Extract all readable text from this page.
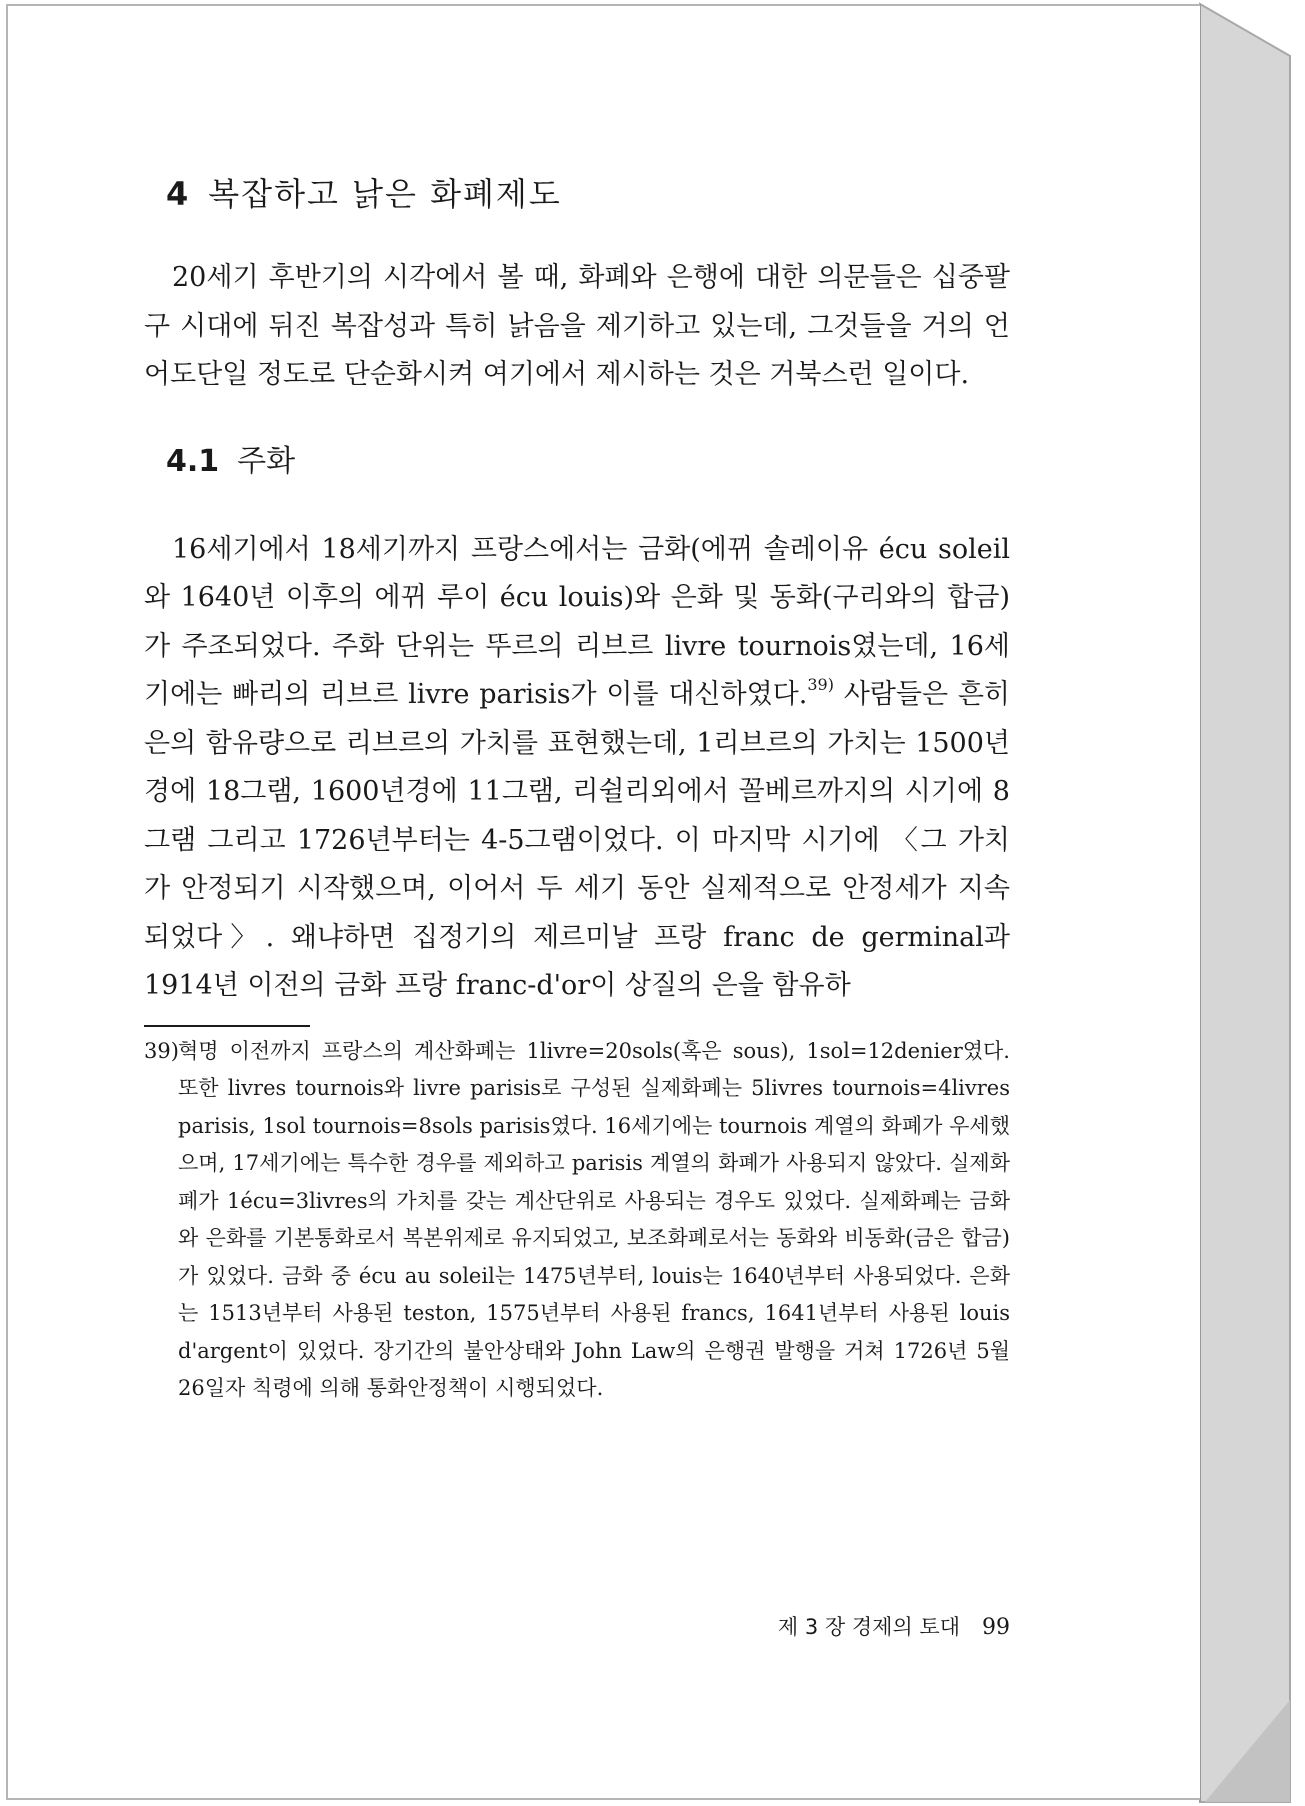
4 복잡하고 낡은 화폐제도

20세기 후반기의 시각에서 볼 때, 화폐와 은행에 대한 의문들은 십중팔구 시대에 뒤진 복잡성과 특히 낡음을 제기하고 있는데, 그것들을 거의 언어도단일 정도로 단순화시켜 여기에서 제시하는 것은 거북스런 일이다.

4.1 주화

16세기에서 18세기까지 프랑스에서는 금화(에뀌 솔레이유 écu soleil와 1640년 이후의 에뀌 루이 écu louis)와 은화 및 동화(구리와의 합금)가 주조되었다. 주화 단위는 뚜르의 리브르 livre tournois였는데, 16세기에는 빠리의 리브르 livre parisis가 이를 대신하였다.$^{39)}$ 사람들은 흔히 은의 함유량으로 리브르의 가치를 표현했는데, 1리브르의 가치는 1500년경에 18그램, 1600년경에 11그램, 리쉴리외에서 꼴베르까지의 시기에 8그램 그리고 1726년부터는 4-5그램이었다. 이 마지막 시기에 〈그 가치가 안정되기 시작했으며, 이어서 두 세기 동안 실제적으로 안정세가 지속되었다〉. 왜냐하면 집정기의 제르미날 프랑 franc de germinal과 1914년 이전의 금화 프랑 franc-d'or이 상질의 은을 함유하

39)혁명 이전까지 프랑스의 계산화폐는 1livre=20sols(혹은 sous), 1sol=12denier였다. 또한 livres tournois와 livre parisis로 구성된 실제화폐는 5livres tournois=4livres parisis, 1sol tournois=8sols parisis였다. 16세기에는 tournois 계열의 화폐가 우세했으며, 17세기에는 특수한 경우를 제외하고 parisis 계열의 화폐가 사용되지 않았다. 실제화폐가 1écu=3livres의 가치를 갖는 계산단위로 사용되는 경우도 있었다. 실제화폐는 금화와 은화를 기본통화로서 복본위제로 유지되었고, 보조화폐로서는 동화와 비동화(금은 합금)가 있었다. 금화 중 écu au soleil는 1475년부터, louis는 1640년부터 사용되었다. 은화는 1513년부터 사용된 teston, 1575년부터 사용된 francs, 1641년부터 사용된 louis d'argent이 있었다. 장기간의 불안상태와 John Law의 은행권 발행을 거쳐 1726년 5월 26일자 칙령에 의해 통화안정책이 시행되었다.

제 3 장 경제의 토대 99
